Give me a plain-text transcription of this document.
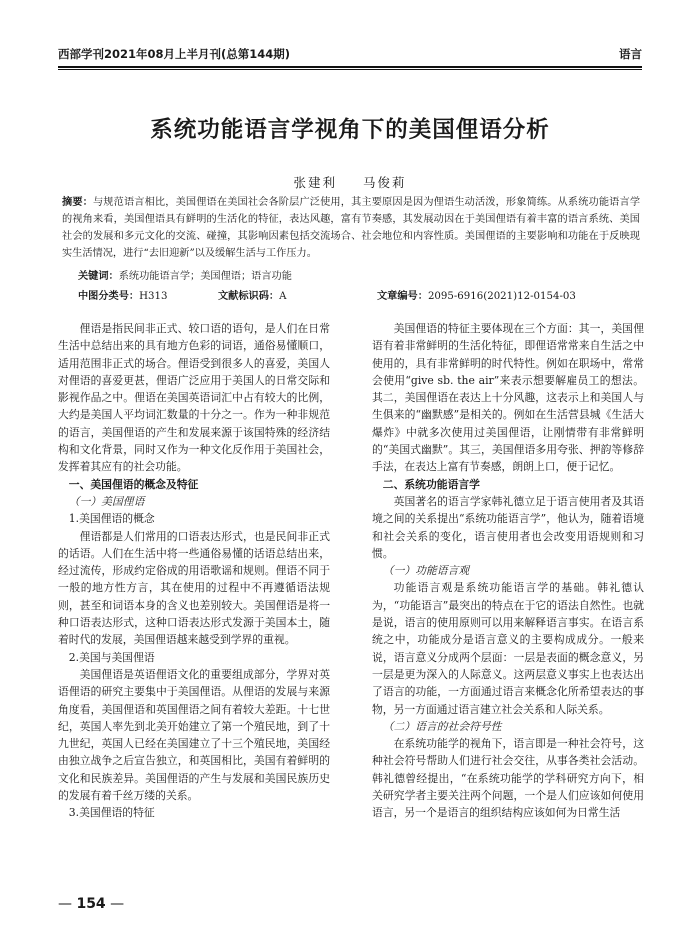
西部学刊2021年08月上半月刊(总第144期)	语言
系统功能语言学视角下的美国俚语分析
张建利 马俊莉
摘要：与规范语言相比，美国俚语在美国社会各阶层广泛使用，其主要原因是因为俚语生动活泼，形象简练。从系统功能语言学的视角来看，美国俚语具有鲜明的生活化的特征，表达风趣，富有节奏感，其发展动因在于美国俚语有着丰富的语言系统、美国社会的发展和多元文化的交流、碰撞，其影响因素包括交流场合、社会地位和内容性质。美国俚语的主要影响和功能在于反映现实生活情况，进行“去旧迎新”以及缓解生活与工作压力。
关键词：系统功能语言学；美国俚语；语言功能
中图分类号：H313	文献标识码：A	文章编号：2095-6916(2021)12-0154-03

俚语是指民间非正式、较口语的语句，是人们在日常生活中总结出来的具有地方色彩的词语，通俗易懂顺口，适用范围非正式的场合。俚语受到很多人的喜爱，美国人对俚语的喜爱更甚，俚语广泛应用于美国人的日常交际和影视作品之中。俚语在美国英语词汇中占有较大的比例，大约是美国人平均词汇数量的十分之一。作为一种非规范的语言，美国俚语的产生和发展来源于该国特殊的经济结构和文化背景，同时又作为一种文化反作用于美国社会，发挥着其应有的社会功能。

一、美国俚语的概念及特征
（一）美国俚语
1.美国俚语的概念

俚语都是人们常用的口语表达形式，也是民间非正式的话语。人们在生活中将一些通俗易懂的话语总结出来，经过流传，形成约定俗成的用语歌谣和规则。俚语不同于一般的地方性方言，其在使用的过程中不再遵循语法规则，甚至和词语本身的含义也差别较大。美国俚语是将一种口语表达形式，这种口语表达形式发源于美国本土，随着时代的发展，美国俚语越来越受到学界的重视。

2.美国与美国俚语

美国俚语是英语俚语文化的重要组成部分，学界对英语俚语的研究主要集中于美国俚语。从俚语的发展与来源角度看，美国俚语和英国俚语之间有着较大差距。十七世纪，英国人率先到北美开始建立了第一个殖民地，到了十九世纪，英国人已经在美国建立了十三个殖民地，美国经由独立战争之后宣告独立，和英国相比，美国有着鲜明的文化和民族差异。美国俚语的产生与发展和美国民族历史的发展有着千丝万缕的关系。

3.美国俚语的特征

美国俚语的特征主要体现在三个方面：其一，美国俚语有着非常鲜明的生活化特征，即俚语常常来自生活之中使用的，具有非常鲜明的时代特性。例如在职场中，常常会使用“give sb. the air”来表示想要解雇员工的想法。其二，美国俚语在表达上十分风趣，这表示上和美国人与生俱来的“幽默感”是相关的。例如在生活营县城《生活大爆炸》中就多次使用过美国俚语，让刚情带有非常鲜明的“美国式幽默”。其三，美国俚语多用夸张、押韵等修辞手法，在表达上富有节奏感，朗朗上口，便于记忆。

二、系统功能语言学

英国著名的语言学家韩礼德立足于语言使用者及其语境之间的关系提出“系统功能语言学”，他认为，随着语境和社会关系的变化，语言使用者也会改变用语规则和习惯。

（一）功能语言观

功能语言观是系统功能语言学的基础。韩礼德认为，“功能语言”最突出的特点在于它的语法自然性。也就是说，语言的使用原则可以用来解释语言事实。在语言系统之中，功能成分是语言意义的主要构成成分。一般来说，语言意义分成两个层面：一层是表面的概念意义，另一层是更为深入的人际意义。这两层意义事实上也表达出了语言的功能，一方面通过语言来概念化所希望表达的事物，另一方面通过语言建立社会关系和人际关系。

（二）语言的社会符号性

在系统功能学的视角下，语言即是一种社会符号，这种社会符号帮助人们进行社会交往，从事各类社会活动。韩礼德曾经提出，“在系统功能学的学科研究方向下，相关研究学者主要关注两个问题，一个是人们应该如何使用语言，另一个是语言的组织结构应该如何为日常生活

— 154 —
